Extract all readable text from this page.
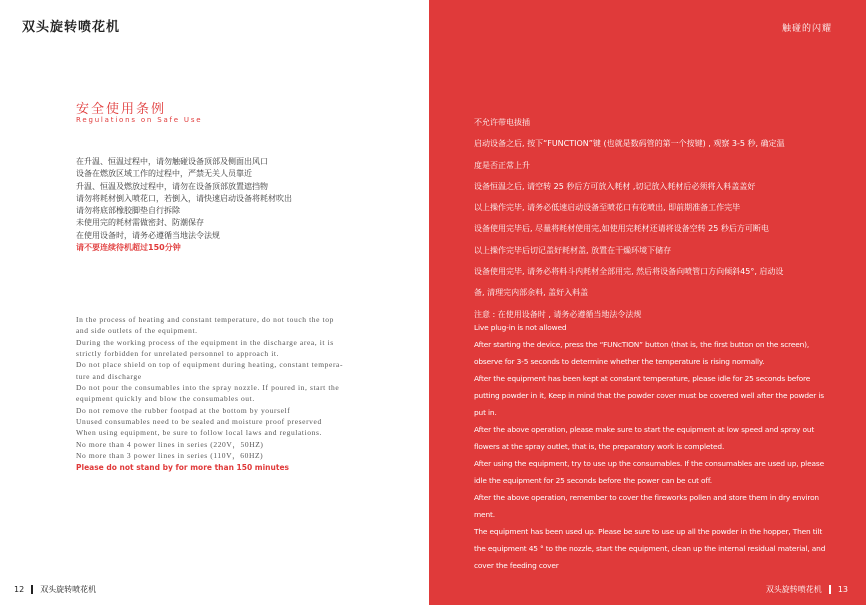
双头旋转喷花机	触碰的闪耀
安全使用条例
Regulations on Safe Use
在升温、恒温过程中，请勿触碰设备顶部及侧面出风口
设备在燃放区域工作的过程中，严禁无关人员靠近
升温、恒温及燃放过程中，请勿在设备顶部放置遮挡物
请勿将耗材倒入喷花口，若倒入，请快速启动设备将耗材吹出
请勿将底部橡胶脚垫自行拆除
未使用完的耗材需做密封、防潮保存
在使用设备时，请务必遵循当地法令法规
请不要连续待机超过150分钟
In the process of heating and constant temperature, do not touch the top
and side outlets of the equipment.
During the working process of the equipment in the discharge area, it is
strictly forbidden for unrelated personnel to approach it.
Do not place shield on top of equipment during heating, constant tempera-
ture and discharge
Do not pour the consumables into the spray nozzle. If poured in, start the
equipment quickly and blow the consumables out.
Do not remove the rubber footpad at the bottom by yourself
Unused consumables need to be sealed and moisture proof preserved
When using equipment, be sure to follow local laws and regulations.
No more than 4 power lines in series (220V，50HZ)
No more than 3 power lines in series (110V，60HZ)
Please do not stand by for more than 150 minutes
不允许带电拔插
启动设备之后, 按下“FUNCTION”键 (也就是数码管的第一个按键) , 观察 3-5 秒, 确定温
度是否正常上升
设备恒温之后, 请空转 25 秒后方可放入耗材 ,切记放入耗材后必须将入料盖盖好
以上操作完毕, 请务必低速启动设备至喷花口有花喷出, 即前期准备工作完毕
设备使用完毕后, 尽量将耗材使用完,如使用完耗材还请将设备空转 25 秒后方可断电
以上操作完毕后切记盖好耗材盖, 放置在干燥环境下储存
设备使用完毕, 请务必将料斗内耗材全部用完, 然后将设备向喷管口方向倾斜45°, 启动设
备, 清理完内部余料, 盖好入料盖
注意 : 在使用设备时 , 请务必遵循当地法令法规
Live plug-in is not allowed
After starting the device, press the “FUNcTION” button (that is, the first button on the screen),
observe for 3-5 seconds to determine whether the temperature is rising normally.
After the equipment has been kept at constant temperature, please idle for 25 seconds before
putting powder in it, Keep in mind that the powder cover must be covered well after the powder is
put in.
After the above operation, please make sure to start the equipment at low speed and spray out
flowers at the spray outlet, that is, the preparatory work is completed.
After using the equipment, try to use up the consumables. If the consumables are used up, please
idle the equipment for 25 seconds before the power can be cut off.
After the above operation, remember to cover the fireworks pollen and store them in dry environ
ment.
The equipment has been used up. Please be sure to use up all the powder in the hopper, Then tilt
the equipment 45 ° to the nozzle, start the equipment, clean up the internal residual material, and
cover the feeding cover
12 双头旋转喷花机	双头旋转喷花机 13
